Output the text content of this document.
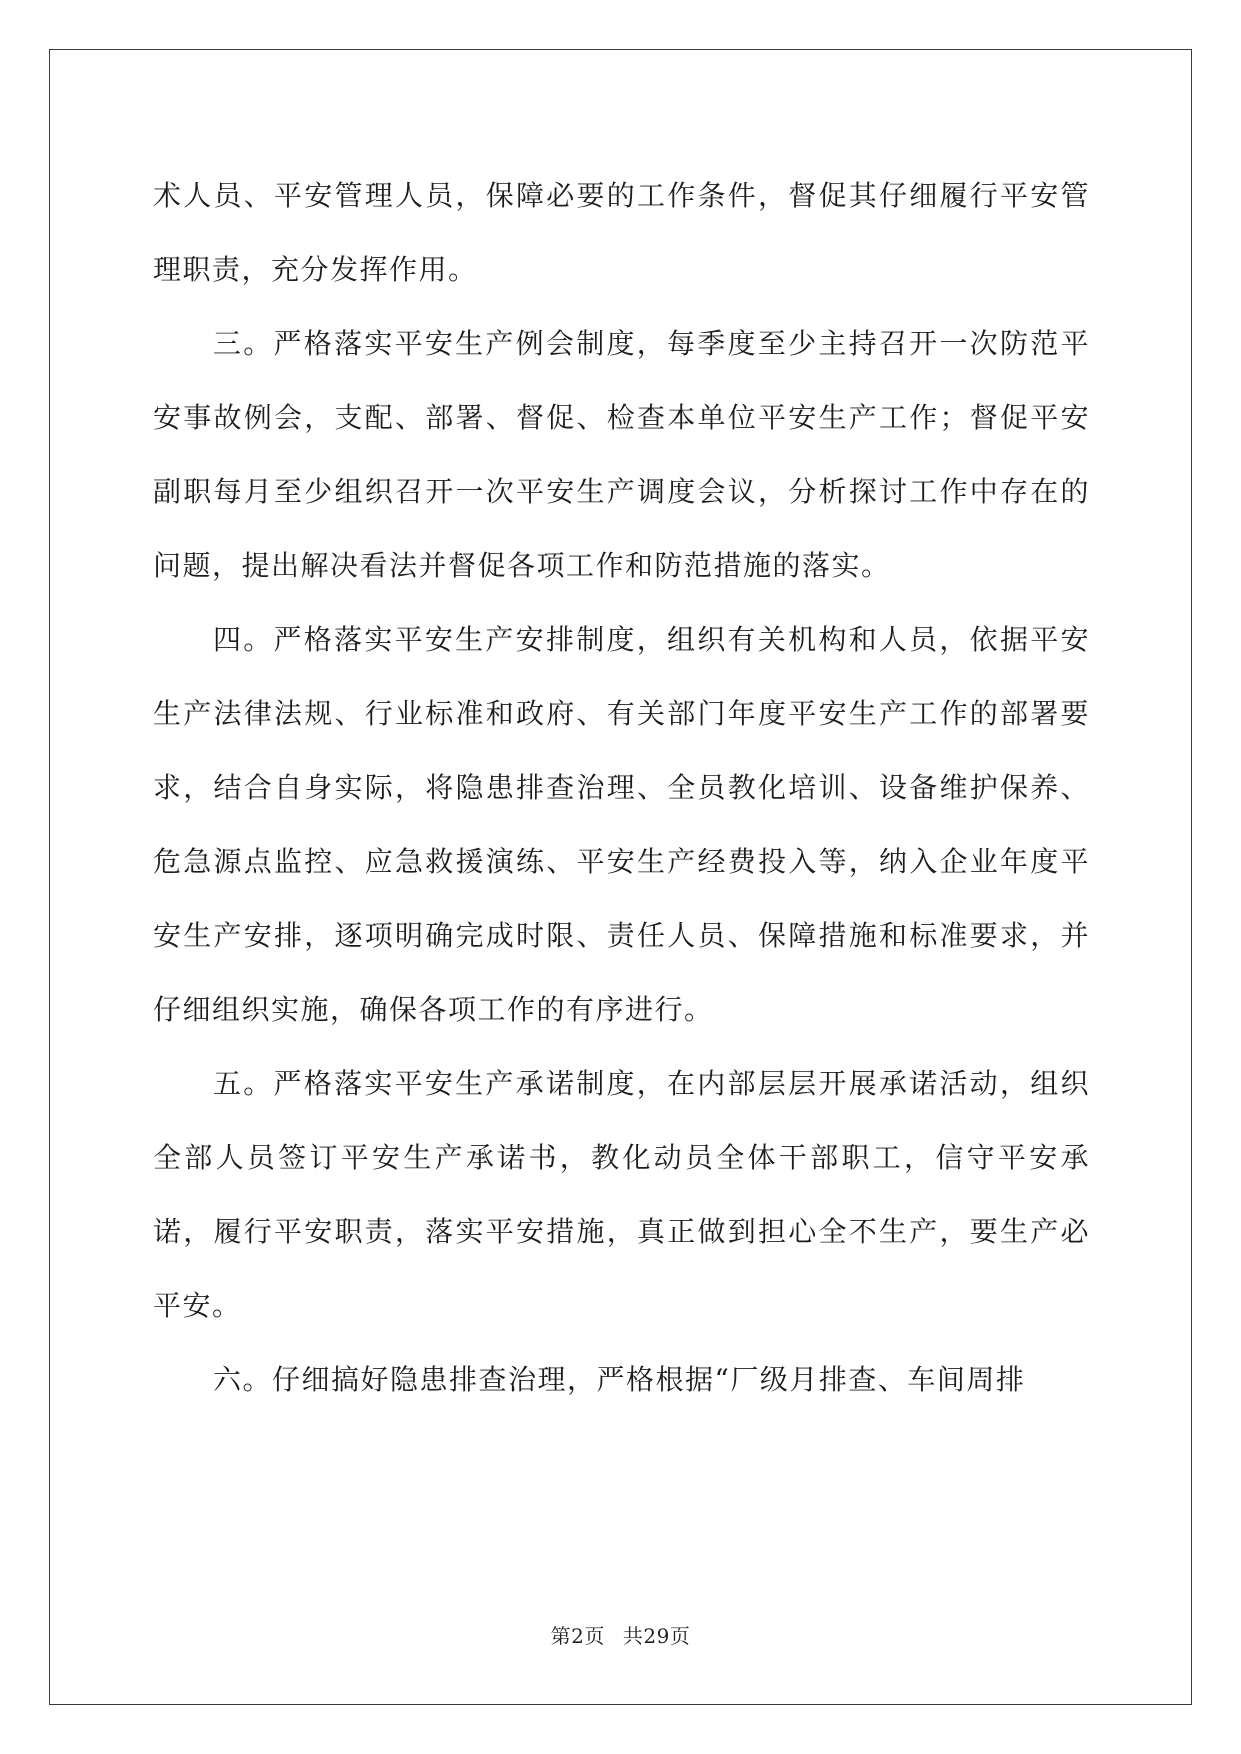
术人员、平安管理人员，保障必要的工作条件，督促其仔细履行平安管理职责，充分发挥作用。

三。严格落实平安生产例会制度，每季度至少主持召开一次防范平安事故例会，支配、部署、督促、检查本单位平安生产工作；督促平安副职每月至少组织召开一次平安生产调度会议，分析探讨工作中存在的问题，提出解决看法并督促各项工作和防范措施的落实。

四。严格落实平安生产安排制度，组织有关机构和人员，依据平安生产法律法规、行业标准和政府、有关部门年度平安生产工作的部署要求，结合自身实际，将隐患排查治理、全员教化培训、设备维护保养、危急源点监控、应急救援演练、平安生产经费投入等，纳入企业年度平安生产安排，逐项明确完成时限、责任人员、保障措施和标准要求，并仔细组织实施，确保各项工作的有序进行。

五。严格落实平安生产承诺制度，在内部层层开展承诺活动，组织全部人员签订平安生产承诺书，教化动员全体干部职工，信守平安承诺，履行平安职责，落实平安措施，真正做到担心全不生产，要生产必平安。

六。仔细搞好隐患排查治理，严格根据“厂级月排查、车间周排

第2页 共29页
